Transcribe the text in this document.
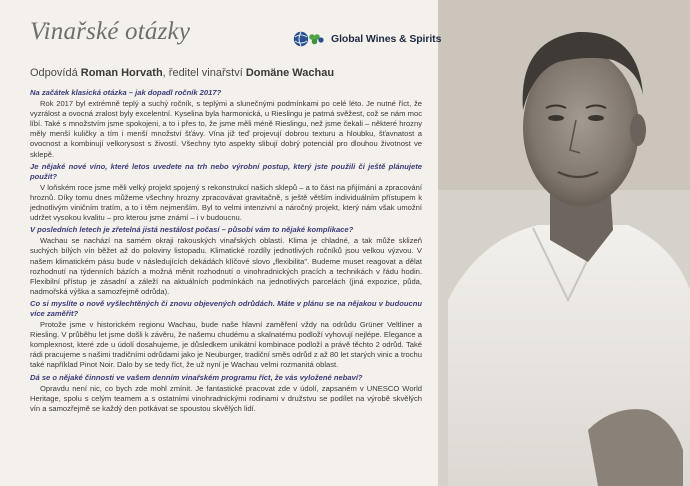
Vinařské otázky	Global Wines & Spirits
Odpovídá Roman Horvath, ředitel vinařství Domäne Wachau
Na začátek klasická otázka – jak dopadl ročník 2017?
Rok 2017 byl extrémně teplý a suchý ročník, s teplými a slunečnými podmínkami po celé léto. Je nutné říct, že vyzrálost a ovocná zralost byly excelentní. Kyselina byla harmonická, u Rieslingu je patrná svěžest, což se nám moc líbí. Také s množstvím jsme spokojeni, a to i přes to, že jsme měli méně Rieslingu, než jsme čekali – některé hrozny měly menší kuličky a tím i menší množství šťávy. Vína již teď projevují dobrou texturu a hloubku, šťavnatost a ovocnost a kombinují velkorysost s živostí. Všechny tyto aspekty slibují dobrý potenciál pro dlouhou životnost ve sklepě.
Je nějaké nové víno, které letos uvedete na trh nebo výrobní postup, který jste použili či ještě plánujete použít?
V loňském roce jsme měli velký projekt spojený s rekonstrukcí našich sklepů – a to část na přijímání a zpracování hroznů. Díky tomu dnes můžeme všechny hrozny zpracovávat gravitačně, s ještě větším individuálním přístupem k jednotlivým viničním tratím, a to i těm nejmenším. Byl to velmi intenzivní a náročný projekt, který nám však umožní udržet vysokou kvalitu – pro kterou jsme známí – i v budoucnu.
V posledních letech je zřetelná jistá nestálost počasí – působí vám to nějaké komplikace?
Wachau se nachází na samém okraji rakouských vinařských oblastí. Klima je chladné, a tak může sklizeň suchých bílých vín běžet až do poloviny listopadu. Klimatické rozdíly jednotlivých ročníků jsou velkou výzvou. V našem klimatickém pásu bude v následujících dekádách klíčové slovo „flexibilita". Budeme muset reagovat a dělat rozhodnutí na týdenních bázích a možná měnit rozhodnutí o vinohradnických pracích a technikách v řádu hodin. Flexibilní přístup je zásadní a záleží na aktuálních podmínkách na jednotlivých parcelách (jiná expozice, půda, nadmořská výška a samozřejmě odrůda).
Co si myslíte o nově vyšlechtěných či znovu objevených odrůdách. Máte v plánu se na nějakou v budoucnu více zaměřit?
Protože jsme v historickém regionu Wachau, bude naše hlavní zaměření vždy na odrůdu Grüner Veltliner a Riesling. V průběhu let jsme došli k závěru, že našemu chudému a skalnatému podloží vyhovují nejlépe. Elegance a komplexnost, které zde u údolí dosahujeme, je důsledkem unikátní kombinace podloží a právě těchto 2 odrůd. Také rádi pracujeme s našimi tradičními odrůdami jako je Neuburger, tradiční směs odrůd z až 80 let starých vinic a trochu také například Pinot Noir. Dalo by se tedy říct, že už nyní je Wachau velmi rozmanitá oblast.
Dá se o nějaké činnosti ve vašem denním vinařském programu říct, že vás vyložené nebaví?
Opravdu není nic, co bych zde mohl zmínit. Je fantastické pracovat zde v údolí, zapsaném v UNESCO World Heritage, spolu s celým teamem a s ostatními vinohradnickými rodinami v družstvu se podílet na výrobě skvělých vín a samozřejmě se každý den potkávat se spoustou skvělých lidí.
